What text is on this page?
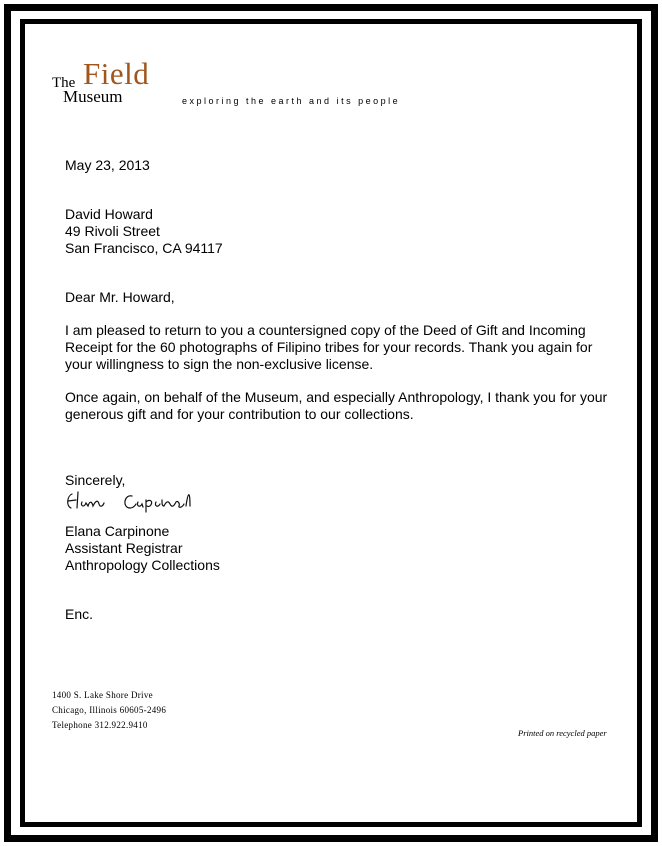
The Field
Museum	exploring the earth and its people
May 23, 2013
David Howard
49 Rivoli Street
San Francisco, CA 94117
Dear Mr. Howard,
I am pleased to return to you a countersigned copy of the Deed of Gift and Incoming
Receipt for the 60 photographs of Filipino tribes for your records. Thank you again for
your willingness to sign the non-exclusive license.
Once again, on behalf of the Museum, and especially Anthropology, I thank you for your
generous gift and for your contribution to our collections.
Sincerely,
Elana Carpinone
Assistant Registrar
Anthropology Collections
Enc.
1400 S. Lake Shore Drive
Chicago, Illinois 60605-2496
Telephone 312.922.9410
Printed on recycled paper
